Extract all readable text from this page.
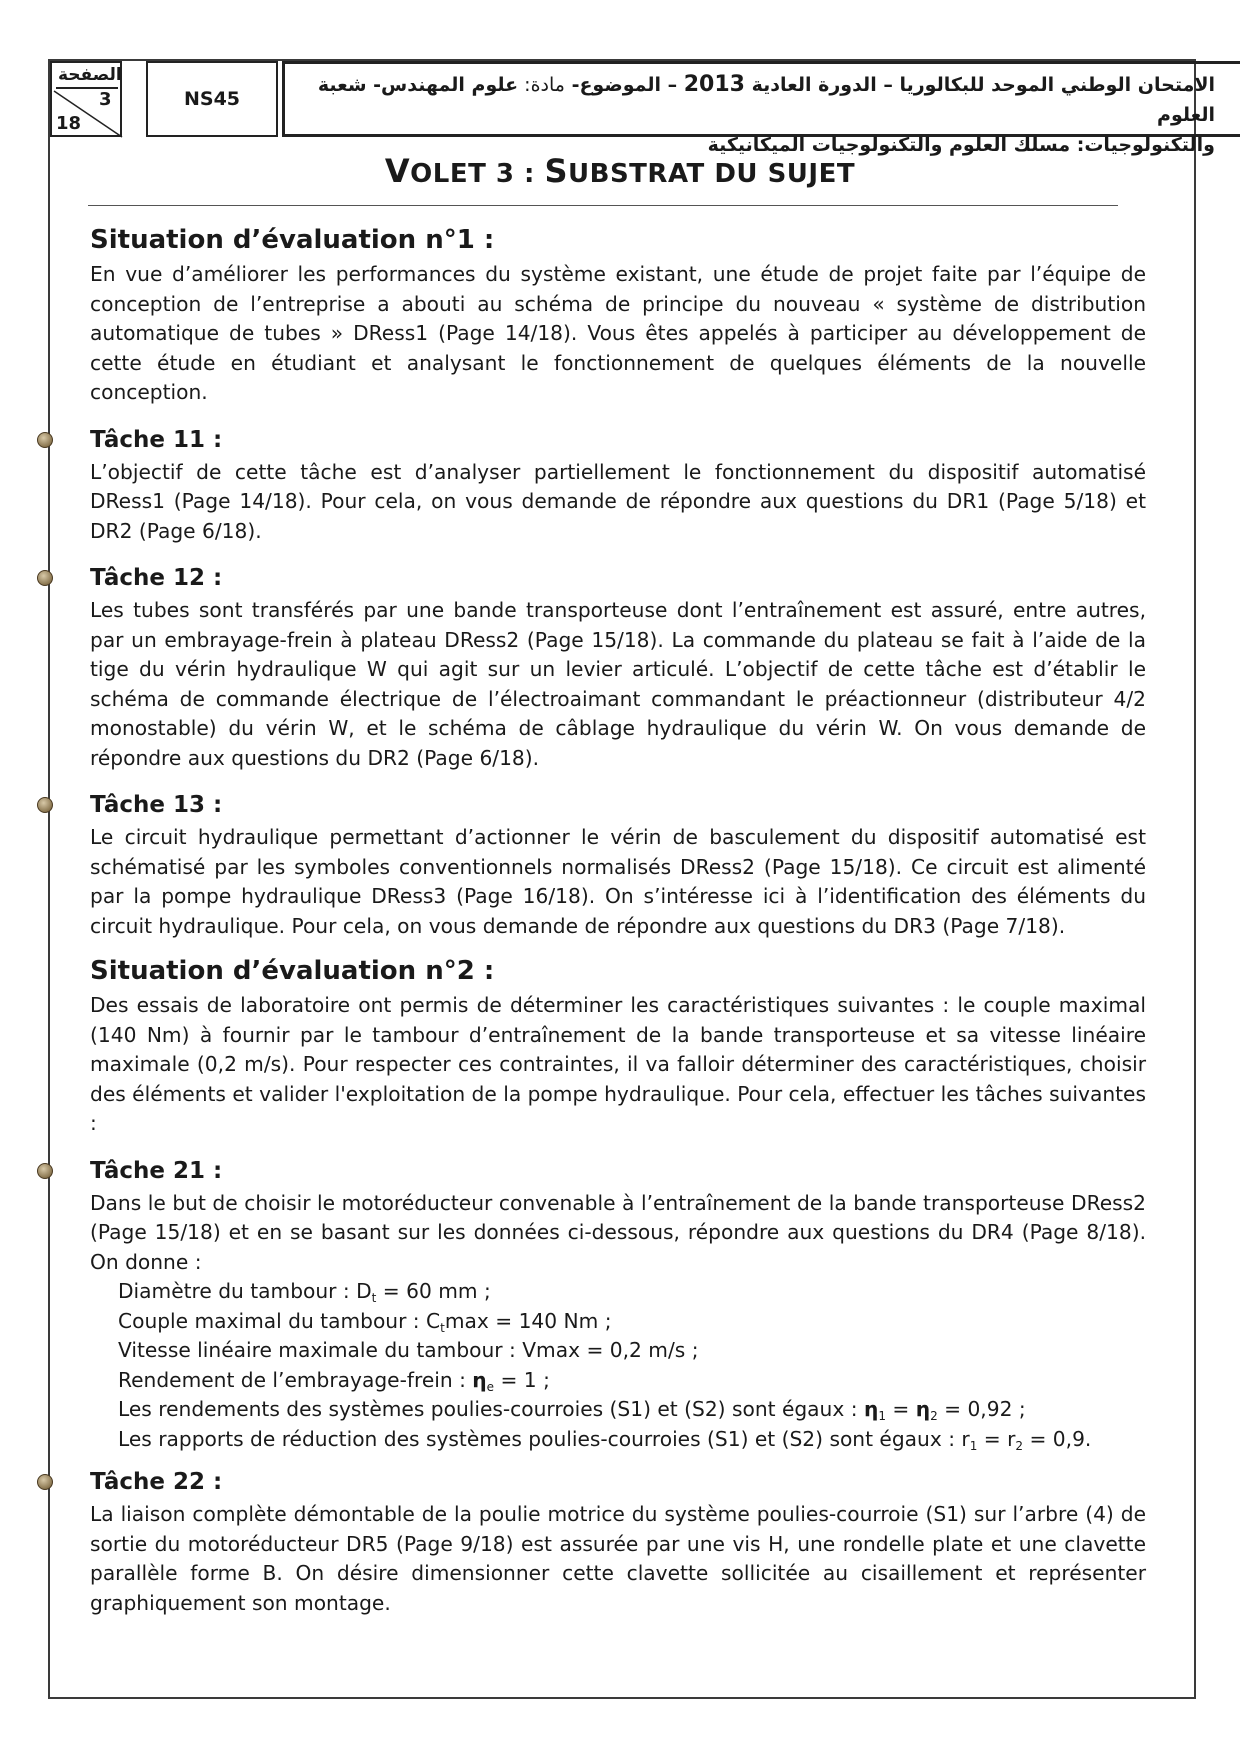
الصفحة
3
18
NS45
الامتحان الوطني الموحد للبكالوريا – الدورة العادية 2013 – الموضوع- مادة: علوم المهندس- شعبة العلوم
والتكنولوجيات: مسلك العلوم والتكنولوجيات الميكانيكية
VOLET 3 : SUBSTRAT DU SUJET
Situation d’évaluation n°1 :

En vue d’améliorer les performances du système existant, une étude de projet faite par l’équipe de conception de l’entreprise a abouti au schéma de principe du nouveau « système de distribution automatique de tubes » DRess1 (Page 14/18). Vous êtes appelés à participer au développement de cette étude en étudiant et analysant le fonctionnement de quelques éléments de la nouvelle conception.

Tâche 11 :

L’objectif de cette tâche est d’analyser partiellement le fonctionnement du dispositif automatisé DRess1 (Page 14/18). Pour cela, on vous demande de répondre aux questions du DR1 (Page 5/18) et DR2 (Page 6/18).

Tâche 12 :

Les tubes sont transférés par une bande transporteuse dont l’entraînement est assuré, entre autres, par un embrayage-frein à plateau DRess2 (Page 15/18). La commande du plateau se fait à l’aide de la tige du vérin hydraulique W qui agit sur un levier articulé. L’objectif de cette tâche est d’établir le schéma de commande électrique de l’électroaimant commandant le préactionneur (distributeur 4/2 monostable) du vérin W, et le schéma de câblage hydraulique du vérin W. On vous demande de répondre aux questions du DR2 (Page 6/18).

Tâche 13 :

Le circuit hydraulique permettant d’actionner le vérin de basculement du dispositif automatisé est schématisé par les symboles conventionnels normalisés DRess2 (Page 15/18). Ce circuit est alimenté par la pompe hydraulique DRess3 (Page 16/18). On s’intéresse ici à l’identification des éléments du circuit hydraulique. Pour cela, on vous demande de répondre aux questions du DR3 (Page 7/18).

Situation d’évaluation n°2 :

Des essais de laboratoire ont permis de déterminer les caractéristiques suivantes : le couple maximal (140 Nm) à fournir par le tambour d’entraînement de la bande transporteuse et sa vitesse linéaire maximale (0,2 m/s). Pour respecter ces contraintes, il va falloir déterminer des caractéristiques, choisir des éléments et valider l'exploitation de la pompe hydraulique. Pour cela, effectuer les tâches suivantes :

Tâche 21 :

Dans le but de choisir le motoréducteur convenable à l’entraînement de la bande transporteuse DRess2 (Page 15/18) et en se basant sur les données ci-dessous, répondre aux questions du DR4 (Page 8/18). On donne :

Diamètre du tambour : $D_t = 60$ mm ;
Couple maximal du tambour : $C_t\max = 140$ Nm ;
Vitesse linéaire maximale du tambour : Vmax = 0,2 m/s ;
Rendement de l’embrayage-frein : $\eta_e = 1$ ;
Les rendements des systèmes poulies-courroies (S1) et (S2) sont égaux : $\eta_1 = \eta_2 = 0,92$ ;
Les rapports de réduction des systèmes poulies-courroies (S1) et (S2) sont égaux : $r_1 = r_2 = 0,9$.
Tâche 22 :

La liaison complète démontable de la poulie motrice du système poulies-courroie (S1) sur l’arbre (4) de sortie du motoréducteur DR5 (Page 9/18) est assurée par une vis H, une rondelle plate et une clavette parallèle forme B. On désire dimensionner cette clavette sollicitée au cisaillement et représenter graphiquement son montage.
